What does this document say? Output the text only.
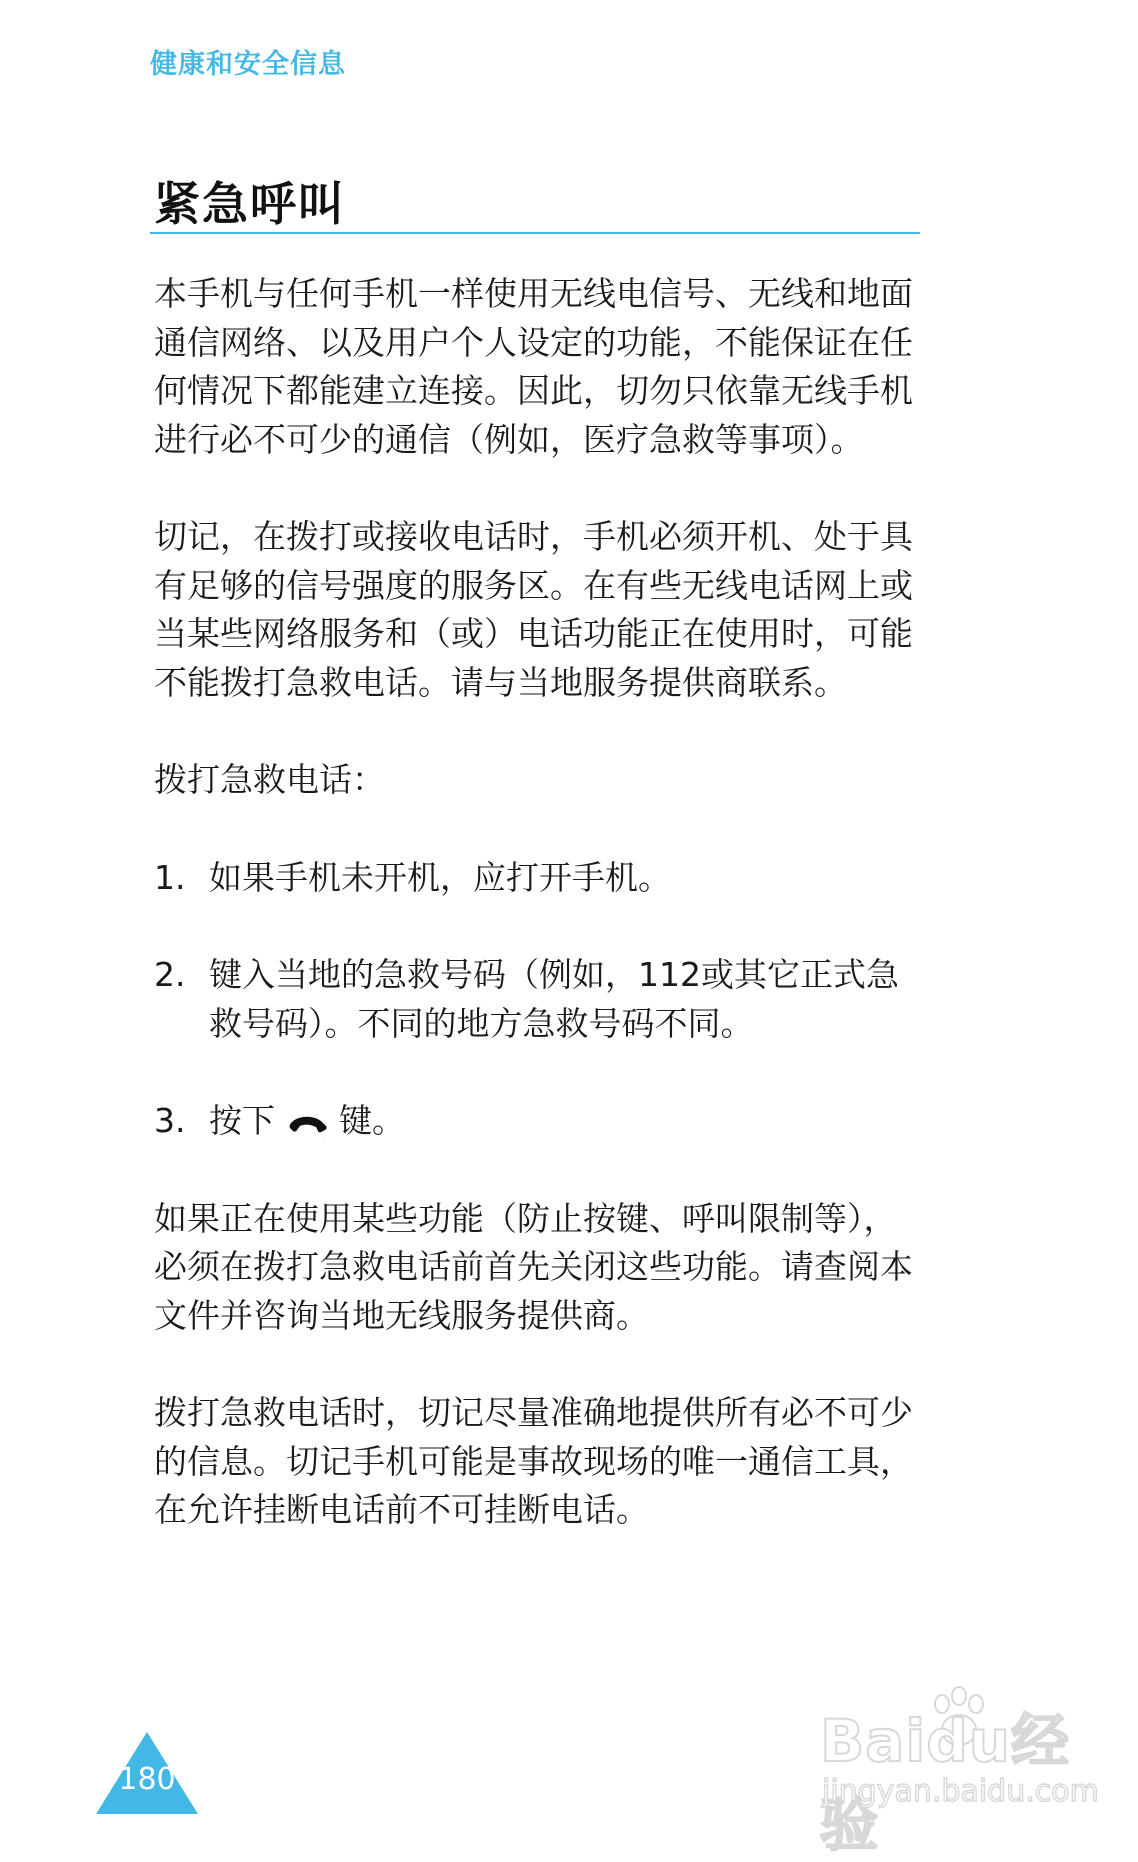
健康和安全信息
紧急呼叫

本手机与任何手机一样使用无线电信号、无线和地面通信网络、以及用户个人设定的功能，不能保证在任何情况下都能建立连接。因此，切勿只依靠无线手机进行必不可少的通信（例如，医疗急救等事项）。

切记，在拨打或接收电话时，手机必须开机、处于具有足够的信号强度的服务区。在有些无线电话网上或当某些网络服务和（或）电话功能正在使用时，可能不能拨打急救电话。请与当地服务提供商联系。

拨打急救电话：

1. 如果手机未开机，应打开手机。
2. 键入当地的急救号码（例如，112或其它正式急救号码）。不同的地方急救号码不同。
3. 按下 键。

如果正在使用某些功能（防止按键、呼叫限制等），必须在拨打急救电话前首先关闭这些功能。请查阅本文件并咨询当地无线服务提供商。

拨打急救电话时，切记尽量准确地提供所有必不可少的信息。切记手机可能是事故现场的唯一通信工具，在允许挂断电话前不可挂断电话。

180
Baidu经验
jingyan.baidu.com
